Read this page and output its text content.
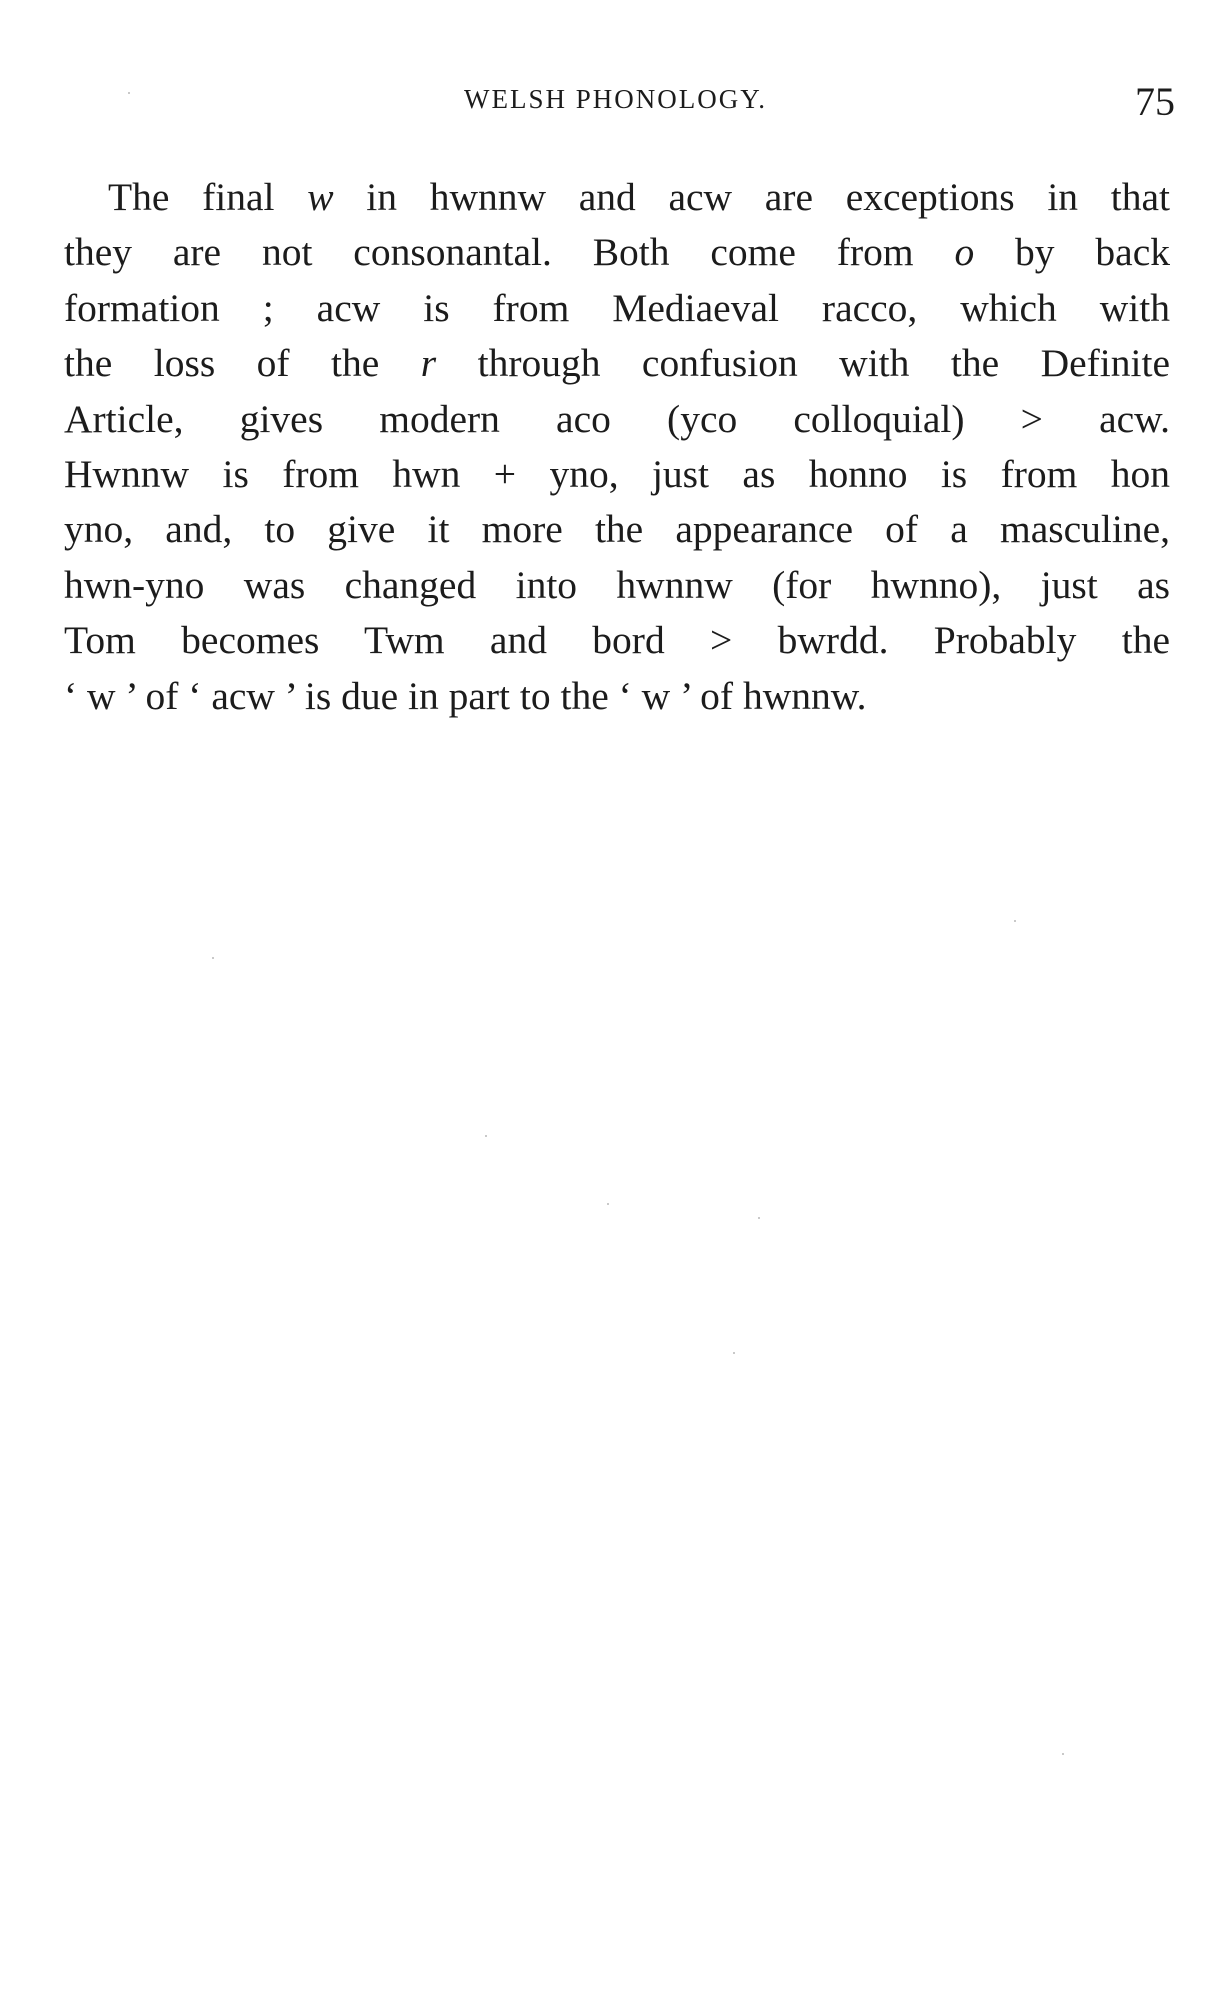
WELSH PHONOLOGY.	75

The final w in hwnnw and acw are exceptions in that
they are not consonantal. Both come from o by back
formation ; acw is from Mediaeval racco, which with
the loss of the r through confusion with the Definite
Article, gives modern aco (yco colloquial) > acw.
Hwnnw is from hwn + yno, just as honno is from hon
yno, and, to give it more the appearance of a masculine,
hwn-yno was changed into hwnnw (for hwnno), just as
Tom becomes Twm and bord > bwrdd. Probably the
‘ w ’ of ‘ acw ’ is due in part to the ‘ w ’ of hwnnw.
